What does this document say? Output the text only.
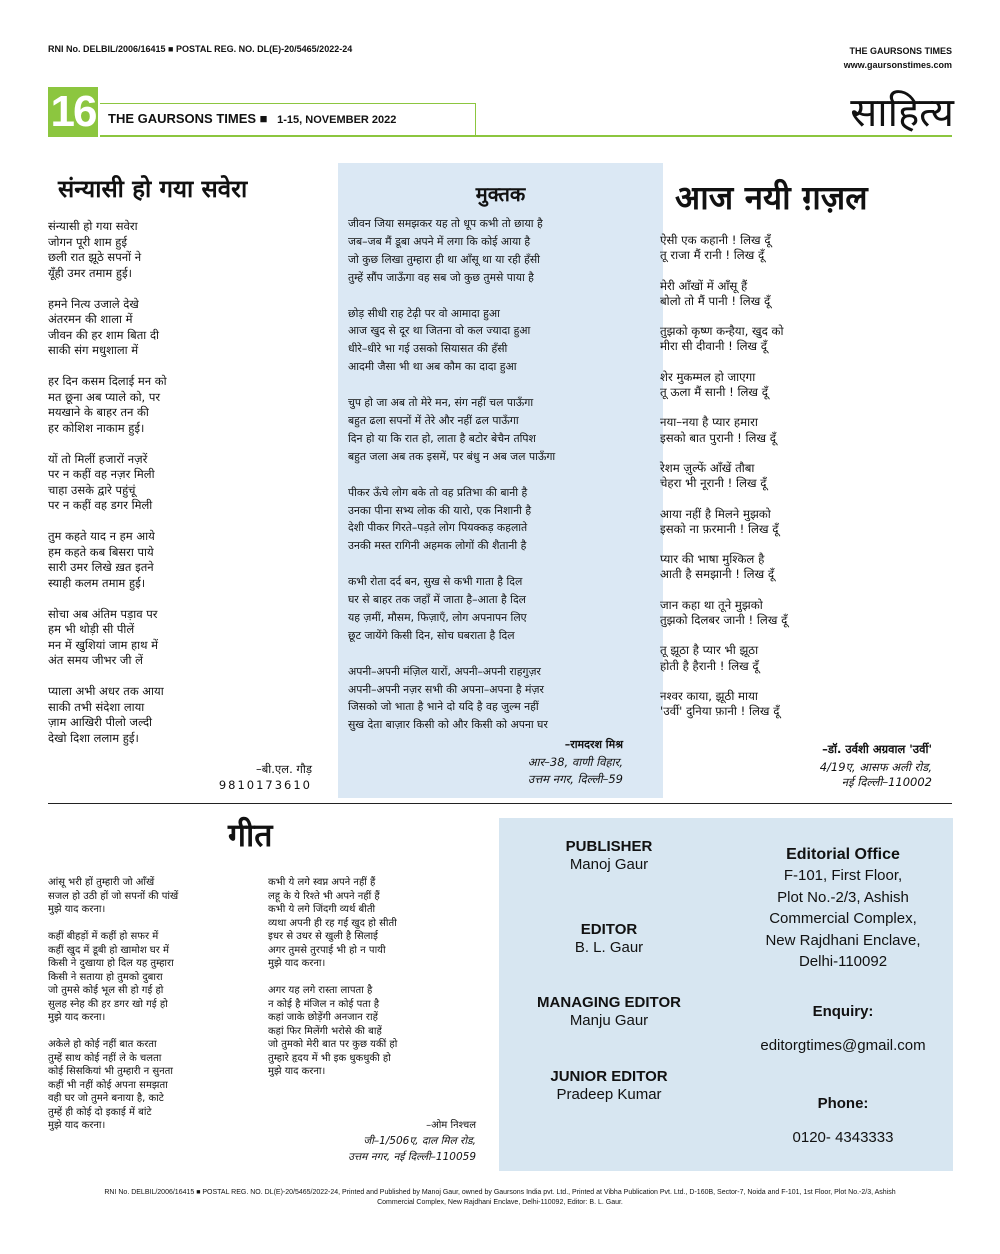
RNI No. DELBIL/2006/16415 ■ POSTAL REG. NO. DL(E)-20/5465/2022-24	THE GAURSONS TIMES
www.gaursonstimes.com
16 THE GAURSONS TIMES ■ 1-15, NOVEMBER 2022	साहित्य
संन्यासी हो गया सवेरा
संन्यासी हो गया सवेरा
जोगन पूरी शाम हुई
छली रात झूठे सपनों ने
यूँही उमर तमाम हुई।

हमने नित्य उजाले देखे
अंतरमन की शाला में
जीवन की हर शाम बिता दी
साकी संग मधुशाला में

हर दिन कसम दिलाई मन को
मत छूना अब प्याले को, पर
मयखाने के बाहर तन की
हर कोशिश नाकाम हुई।

यों तो मिलीं हजारों नज़रें
पर न कहीं वह नज़र मिली
चाहा उसके द्वारे पहुंचूं
पर न कहीं वह डगर मिली

तुम कहते याद न हम आये
हम कहते कब बिसरा पाये
सारी उमर लिखे ख़त इतने
स्याही कलम तमाम हुई।

सोचा अब अंतिम पड़ाव पर
हम भी थोड़ी सी पीलें
मन में खुशियां जाम हाथ में
अंत समय जीभर जी लें

प्याला अभी अधर तक आया
साकी तभी संदेशा लाया
ज़ाम आखिरी पीलो जल्दी
देखो दिशा ललाम हुई।
–बी.एल. गौड़
9810173610
मुक्तक
जीवन जिया समझकर यह तो धूप कभी तो छाया है
जब–जब मैं डूबा अपने में लगा कि कोई आया है
जो कुछ लिखा तुम्हारा ही था आँसू था या रही हँसी
तुम्हें सौंप जाऊँगा वह सब जो कुछ तुमसे पाया है

छोड़ सीधी राह टेढ़ी पर वो आमादा हुआ
आज खुद से दूर था जितना वो कल ज्यादा हुआ
धीरे–धीरे भा गई उसको सियासत की हँसी
आदमी जैसा भी था अब कौम का दादा हुआ

चुप हो जा अब तो मेरे मन, संग नहीं चल पाऊँगा
बहुत ढला सपनों में तेरे और नहीं ढल पाऊँगा
दिन हो या कि रात हो, लाता है बटोर बेचैन तपिश
बहुत जला अब तक इसमें, पर बंधु न अब जल पाऊँगा

पीकर ऊँचे लोग बके तो वह प्रतिभा की बानी है
उनका पीना सभ्य लोक की यारो, एक निशानी है
देशी पीकर गिरते–पड़ते लोग पियक्कड़ कहलाते
उनकी मस्त रागिनी अहमक लोगों की शैतानी है

कभी रोता दर्द बन, सुख से कभी गाता है दिल
घर से बाहर तक जहाँ में जाता है–आता है दिल
यह ज़मीं, मौसम, फिज़ाएँ, लोग अपनापन लिए
छूट जायेंगे किसी दिन, सोच घबराता है दिल

अपनी–अपनी मंज़िल यारों, अपनी–अपनी राहगुज़र
अपनी–अपनी नज़र सभी की अपना–अपना है मंज़र
जिसको जो भाता है भाने दो यदि है वह जुल्म नहीं
सुख देता बाज़ार किसी को और किसी को अपना घर
–रामदरश मिश्र
आर–38, वाणी विहार,
उत्तम नगर, दिल्ली–59
आज नयी ग़ज़ल
ऐसी एक कहानी ! लिख दूँ
तू राजा मैं रानी ! लिख दूँ

मेरी आँखों में आँसू हैं
बोलो तो मैं पानी ! लिख दूँ

तुझको कृष्ण कन्हैया, खुद को
मीरा सी दीवानी ! लिख दूँ

शेर मुकम्मल हो जाएगा
तू ऊला मैं सानी ! लिख दूँ

नया–नया है प्यार हमारा
इसको बात पुरानी ! लिख दूँ

रेशम ज़ुल्फें आँखें तौबा
चेहरा भी नूरानी ! लिख दूँ

आया नहीं है मिलने मुझको
इसको ना फ़रमानी ! लिख दूँ

प्यार की भाषा मुश्किल है
आती है समझानी ! लिख दूँ

जान कहा था तूने मुझको
तुझको दिलबर जानी ! लिख दूँ

तू झूठा है प्यार भी झूठा
होती है हैरानी ! लिख दूँ

नश्वर काया, झूठी माया
'उर्वी' दुनिया फ़ानी ! लिख दूँ
–डॉ. उर्वशी अग्रवाल 'उर्वी'
4/19ए, आसफ अली रोड,
नई दिल्ली–110002
गीत
आंसू भरी हों तुम्हारी जो आँखें
सजल हो उठी हों जो सपनों की पांखें
मुझे याद करना।

कहीं बीहड़ों में कहीं हो सफर में
कहीं खुद में डूबी हो खामोश घर में
किसी ने दुखाया हो दिल यह तुम्हारा
किसी ने सताया हो तुमको दुबारा
जो तुमसे कोई भूल सी हो गई हो
सुलह स्नेह की हर डगर खो गई हो
मुझे याद करना।

अकेले हो कोई नहीं बात करता
तुम्हें साथ कोई नहीं ले के चलता
कोई सिसकियां भी तुम्हारी न सुनता
कहीं भी नहीं कोई अपना समझता
वही घर जो तुमने बनाया है, काटे
तुम्हें ही कोई दो इकाई में बांटे
मुझे याद करना।
कभी ये लगे स्वप्न अपने नहीं हैं
लहू के ये रिश्ते भी अपने नहीं हैं
कभी ये लगे जिंदगी व्यर्थ बीती
व्यथा अपनी ही रह गई खुद हो सीती
इधर से उधर से खुली है सिलाई
अगर तुमसे तुरपाई भी हो न पायी
मुझे याद करना।

अगर यह लगे रास्ता लापता है
न कोई है मंजिल न कोई पता है
कहां जाके छोड़ेंगी अनजान राहें
कहां फिर मिलेंगी भरोसे की बाहें
जो तुमको मेरी बात पर कुछ यकीं हो
तुम्हारे हृदय में भी इक धुकधुकी हो
मुझे याद करना।
–ओम निश्चल
जी–1/506ए, दाल मिल रोड,
उत्तम नगर, नई दिल्ली–110059
PUBLISHER
Manoj Gaur
EDITOR
B. L. Gaur
MANAGING EDITOR
Manju Gaur
JUNIOR EDITOR
Pradeep Kumar
Editorial Office
F-101, First Floor,
Plot No.-2/3, Ashish
Commercial Complex,
New Rajdhani Enclave,
Delhi-110092
Enquiry:
editorgtimes@gmail.com
Phone:
0120- 4343333
RNI No. DELBIL/2006/16415 ■ POSTAL REG. NO. DL(E)-20/5465/2022-24, Printed and Published by Manoj Gaur, owned by Gaursons India pvt. Ltd., Printed at Vibha Publication Pvt. Ltd., D-160B, Sector-7, Noida and F-101, 1st Floor, Plot No.-2/3, Ashish Commercial Complex, New Rajdhani Enclave, Delhi-110092, Editor: B. L. Gaur.
